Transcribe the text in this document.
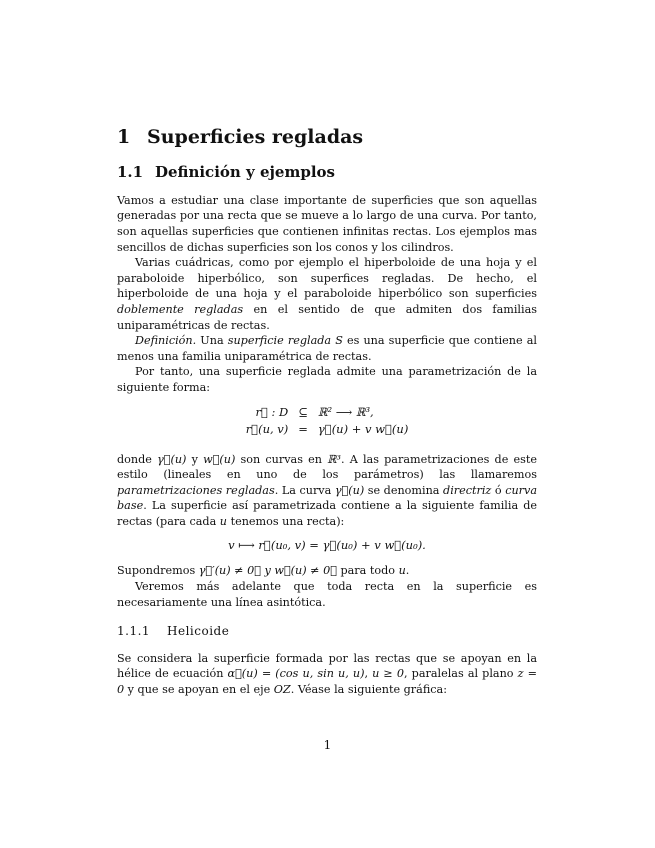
1 Superficies regladas
1.1 Definición y ejemplos

Vamos a estudiar una clase importante de superficies que son aquellas generadas por una recta que se mueve a lo largo de una curva. Por tanto, son aquellas superficies que contienen infinitas rectas. Los ejemplos mas sencillos de dichas superficies son los conos y los cilindros.

Varias cuádricas, como por ejemplo el hiperboloide de una hoja y el paraboloide hiperbólico, son superfices regladas. De hecho, el hiperboloide de una hoja y el paraboloide hiperbólico son superficies doblemente regladas en el sentido de que admiten dos familias uniparamétricas de rectas.

Definición. Una superficie reglada S es una superficie que contiene al menos una familia uniparamétrica de rectas.

Por tanto, una superficie reglada admite una parametrización de la siguiente forma:

r⃗ : D	⊆	ℝ² ⟶ ℝ³,
r⃗(u, v)	=	γ⃗(u) + v w⃗(u)

donde γ⃗(u) y w⃗(u) son curvas en ℝ³. A las parametrizaciones de este estilo (lineales en uno de los parámetros) las llamaremos parametrizaciones regladas. La curva γ⃗(u) se denomina directriz ó curva base. La superficie así parametrizada contiene a la siguiente familia de rectas (para cada u tenemos una recta):

v ⟼ r⃗(u₀, v) = γ⃗(u₀) + v w⃗(u₀).

Supondremos γ⃗′(u) ≠ 0⃗ y w⃗(u) ≠ 0⃗ para todo u.

Veremos más adelante que toda recta en la superficie es necesariamente una línea asintótica.

1.1.1 Helicoide

Se considera la superficie formada por las rectas que se apoyan en la hélice de ecuación α⃗(u) = (cos u, sin u, u), u ≥ 0, paralelas al plano z = 0 y que se apoyan en el eje OZ. Véase la siguiente gráfica:

1
